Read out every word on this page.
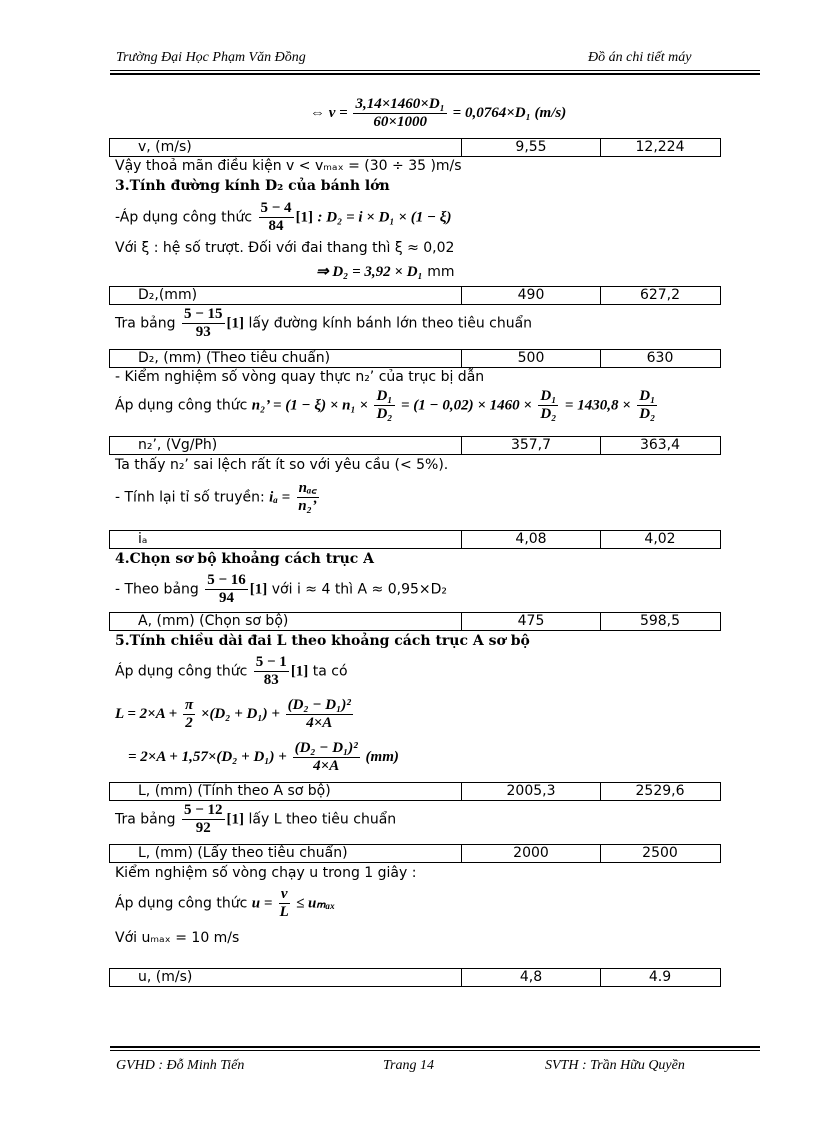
Trường Đại Học Phạm Văn Đồng	Đồ án chi tiết máy
⇔ $v = \frac{\text{3,14×1460×D₁}}{60\times 1000} = 0,0764\times D_1$ (m/s)
v, (m/s)	9,55	12,224
Vậy thoả mãn điều kiện v < vₘₐₓ = (30 ÷ 35 )m/s
3.Tính đường kính D₂ của bánh lớn
-Áp dụng công thức $\frac{5 - 4}{84} [1]$ : D₂ = i × D₁ × (1 − ξ)
Với ξ : hệ số trượt. Đối với đai thang thì ξ ≈ 0,02
⇒ D₂ = 3,92 × D₁ mm
D₂,(mm)	490	627,2
Tra bảng $\frac{5 - 15}{93} [1]$ lấy đường kính bánh lớn theo tiêu chuẩn
D₂, (mm) (Theo tiêu chuẩn)	500	630
- Kiểm nghiệm số vòng quay thực n₂’ của trục bị dẫn
Áp dụng công thức n₂’ = $(1 - \xi) \times n_1 \times \frac{\text{D₁}}{\text{D₂}} = (1 - 0,02) \times 1460 \times \frac{\text{D₁}}{\text{D₂}} = 1430,8 \times \frac{\text{D₁}}{\text{D₂}}$
n₂’, (Vg/Ph)	357,7	363,4
Ta thấy n₂’ sai lệch rất ít so với yêu cầu (< 5%).
- Tính lại tỉ số truyền: $i_a = \frac{\text{nₐ꜀}}{\text{n₂’}}$
iₐ	4,08	4,02
4.Chọn sơ bộ khoảng cách trục A
- Theo bảng $\frac{5 - 16}{94} [1]$ với i ≈ 4 thì A ≈ 0,95×D₂
A, (mm) (Chọn sơ bộ)	475	598,5
5.Tính chiều dài đai L theo khoảng cách trục A sơ bộ
Áp dụng công thức $\frac{5 - 1}{83} [1]$ ta có
$L = 2\times A + \frac{\pi}{2} \times(D_2 + D_1) + \frac{\text{(D₂ − D₁)²}}{4\times A}$
= $2\times A + 1,57\times(D_2 + D_1) + \frac{\text{(D₂ − D₁)²}}{4\times A} (mm)$
L, (mm) (Tính theo A sơ bộ)	2005,3	2529,6
Tra bảng $\frac{5 - 12}{92} [1]$ lấy L theo tiêu chuẩn
L, (mm) (Lấy theo tiêu chuẩn)	2000	2500
Kiểm nghiệm số vòng chạy u trong 1 giây :
Áp dụng công thức $u = \frac{v}{L} \le u_{max}$
Với uₘₐₓ = 10 m/s
u, (m/s)	4,8	4.9
GVHD : Đỗ Minh Tiến	Trang 14	SVTH : Trần Hữu Quyền
